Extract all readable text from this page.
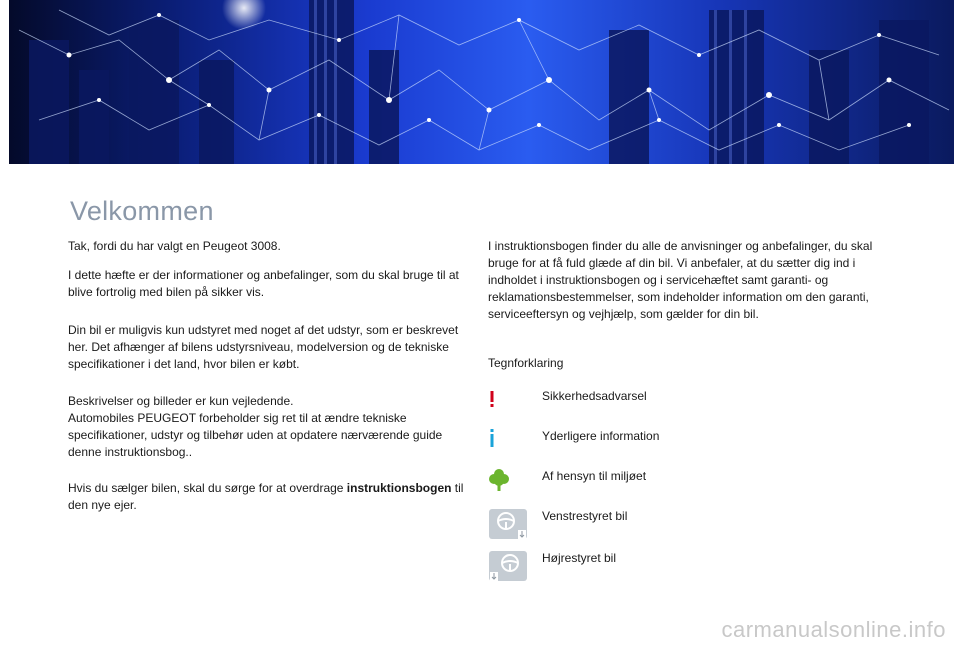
Velkommen

Tak, fordi du har valgt en Peugeot 3008.

I dette hæfte er der informationer og anbefalinger, som du skal bruge til at blive fortrolig med bilen på sikker vis.

Din bil er muligvis kun udstyret med noget af det udstyr, som er beskrevet her. Det afhænger af bilens udstyrsniveau, modelversion og de tekniske specifikationer i det land, hvor bilen er købt.

Beskrivelser og billeder er kun vejledende.

Automobiles PEUGEOT forbeholder sig ret til at ændre tekniske specifikationer, udstyr og tilbehør uden at opdatere nærværende guide denne instruktionsbog..

Hvis du sælger bilen, skal du sørge for at overdrage instruktionsbogen til den nye ejer.

I instruktionsbogen finder du alle de anvisninger og anbefalinger, du skal bruge for at få fuld glæde af din bil. Vi anbefaler, at du sætter dig ind i indholdet i instruktionsbogen og i servicehæftet samt garanti- og reklamationsbestemmelser, som indeholder information om den garanti, serviceeftersyn og vejhjælp, som gælder for din bil.

Tegnforklaring

Sikkerhedsadvarsel
Yderligere information
Af hensyn til miljøet
Venstrestyret bil
Højrestyret bil
carmanualsonline.info
